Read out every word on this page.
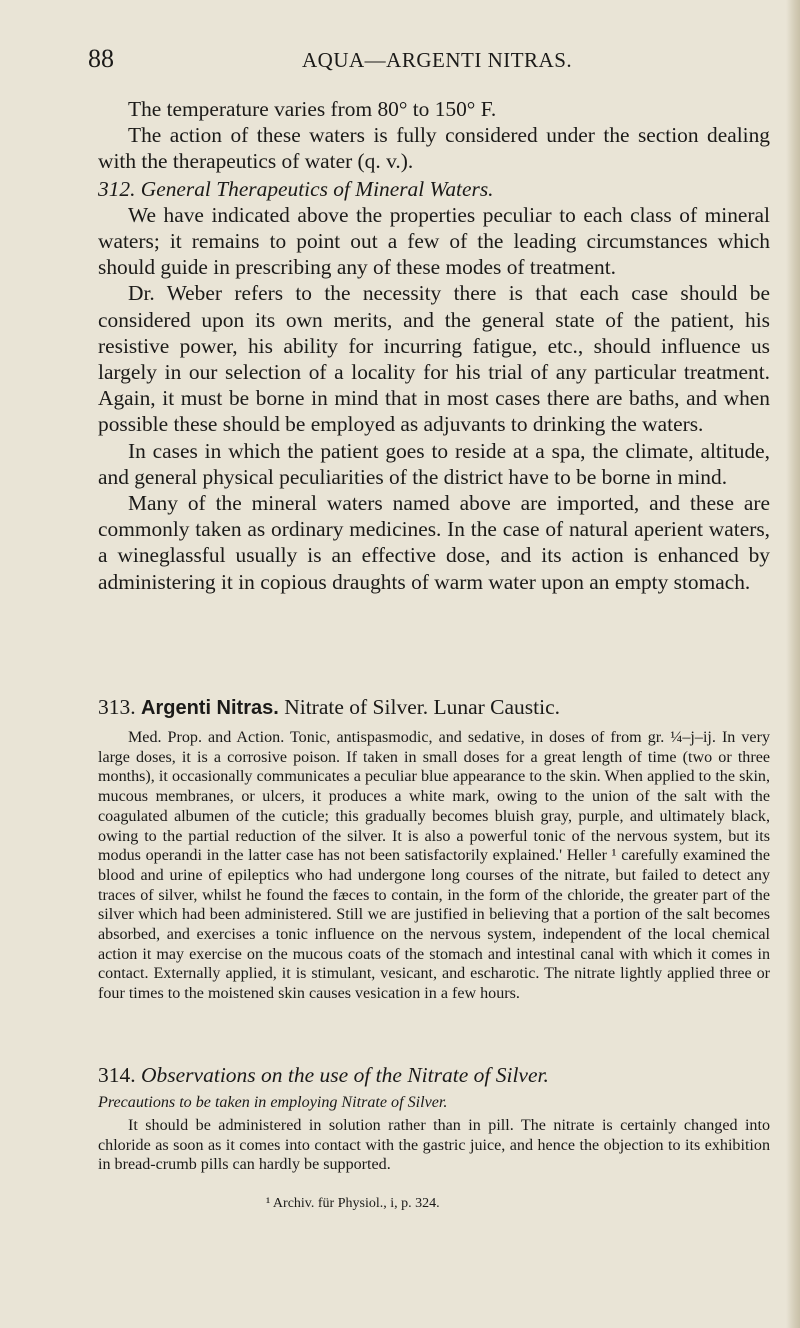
88	AQUA—ARGENTI NITRAS.

The temperature varies from 80° to 150° F.

The action of these waters is fully considered under the section dealing with the therapeutics of water (q. v.).

312. General Therapeutics of Mineral Waters.

We have indicated above the properties peculiar to each class of mineral waters; it remains to point out a few of the leading circumstances which should guide in prescribing any of these modes of treatment.

Dr. Weber refers to the necessity there is that each case should be considered upon its own merits, and the general state of the patient, his resistive power, his ability for incurring fatigue, etc., should influence us largely in our selection of a locality for his trial of any particular treatment. Again, it must be borne in mind that in most cases there are baths, and when possible these should be employed as adjuvants to drinking the waters.

In cases in which the patient goes to reside at a spa, the climate, altitude, and general physical peculiarities of the district have to be borne in mind.

Many of the mineral waters named above are imported, and these are commonly taken as ordinary medicines. In the case of natural aperient waters, a wineglassful usually is an effective dose, and its action is enhanced by administering it in copious draughts of warm water upon an empty stomach.

313. Argenti Nitras. Nitrate of Silver. Lunar Caustic.

Med. Prop. and Action. Tonic, antispasmodic, and sedative, in doses of from gr. ¼–j–ij. In very large doses, it is a corrosive poison. If taken in small doses for a great length of time (two or three months), it occasionally communicates a peculiar blue appearance to the skin. When applied to the skin, mucous membranes, or ulcers, it produces a white mark, owing to the union of the salt with the coagulated albumen of the cuticle; this gradually becomes bluish gray, purple, and ultimately black, owing to the partial reduction of the silver. It is also a powerful tonic of the nervous system, but its modus operandi in the latter case has not been satisfactorily explained.' Heller ¹ carefully examined the blood and urine of epileptics who had undergone long courses of the nitrate, but failed to detect any traces of silver, whilst he found the fæces to contain, in the form of the chloride, the greater part of the silver which had been administered. Still we are justified in believing that a portion of the salt becomes absorbed, and exercises a tonic influence on the nervous system, independent of the local chemical action it may exercise on the mucous coats of the stomach and intestinal canal with which it comes in contact. Externally applied, it is stimulant, vesicant, and escharotic. The nitrate lightly applied three or four times to the moistened skin causes vesication in a few hours.

314. Observations on the use of the Nitrate of Silver.
Precautions to be taken in employing Nitrate of Silver.

It should be administered in solution rather than in pill. The nitrate is certainly changed into chloride as soon as it comes into contact with the gastric juice, and hence the objection to its exhibition in bread-crumb pills can hardly be supported.

¹ Archiv. für Physiol., i, p. 324.
